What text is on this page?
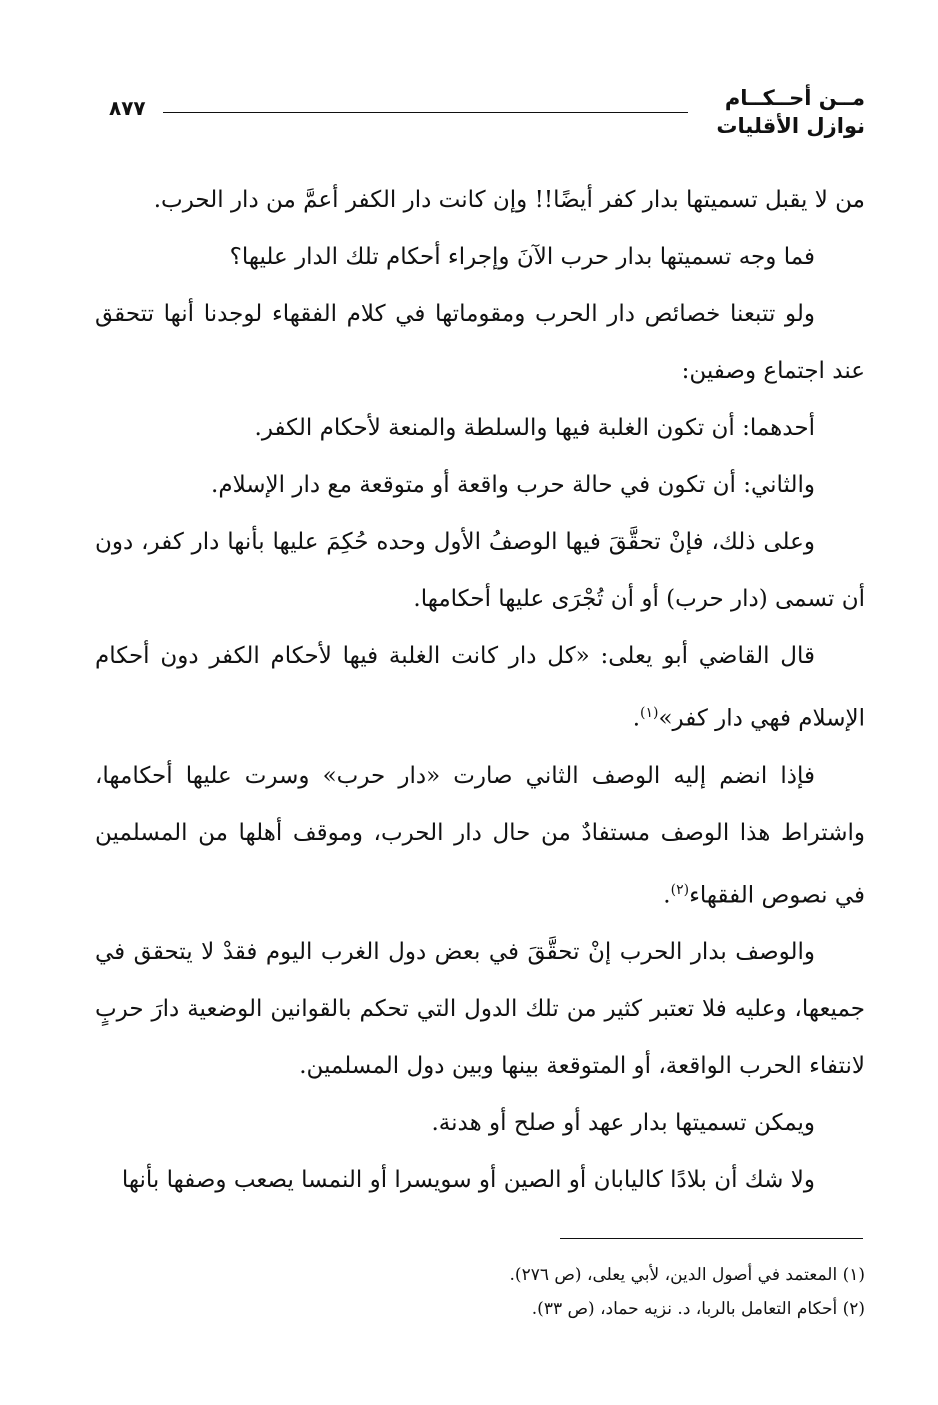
مــن أحــكــام
نوازل الأقليات
٨٧٧

من لا يقبل تسميتها بدار كفر أيضًا!! وإن كانت دار الكفر أعمَّ من دار الحرب.

فما وجه تسميتها بدار حرب الآنَ وإجراء أحكام تلك الدار عليها؟

ولو تتبعنا خصائص دار الحرب ومقوماتها في كلام الفقهاء لوجدنا أنها تتحقق عند اجتماع وصفين:

أحدهما: أن تكون الغلبة فيها والسلطة والمنعة لأحكام الكفر.

والثاني: أن تكون في حالة حرب واقعة أو متوقعة مع دار الإسلام.

وعلى ذلك، فإنْ تحقَّقَ فيها الوصفُ الأول وحده حُكِمَ عليها بأنها دار كفر، دون أن تسمى (دار حرب) أو أن تُجْرَى عليها أحكامها.

قال القاضي أبو يعلى: «كل دار كانت الغلبة فيها لأحكام الكفر دون أحكام الإسلام فهي دار كفر»$^{(١)}$.

فإذا انضم إليه الوصف الثاني صارت «دار حرب» وسرت عليها أحكامها، واشتراط هذا الوصف مستفادٌ من حال دار الحرب، وموقف أهلها من المسلمين في نصوص الفقهاء$^{(٢)}$.

والوصف بدار الحرب إنْ تحقَّقَ في بعض دول الغرب اليوم فقدْ لا يتحقق في جميعها، وعليه فلا تعتبر كثير من تلك الدول التي تحكم بالقوانين الوضعية دارَ حربٍ لانتفاء الحرب الواقعة، أو المتوقعة بينها وبين دول المسلمين.

ويمكن تسميتها بدار عهد أو صلح أو هدنة.

ولا شك أن بلادًا كاليابان أو الصين أو سويسرا أو النمسا يصعب وصفها بأنها

(١) المعتمد في أصول الدين، لأبي يعلى، (ص ٢٧٦).

(٢) أحكام التعامل بالربا، د. نزيه حماد، (ص ٣٣).
